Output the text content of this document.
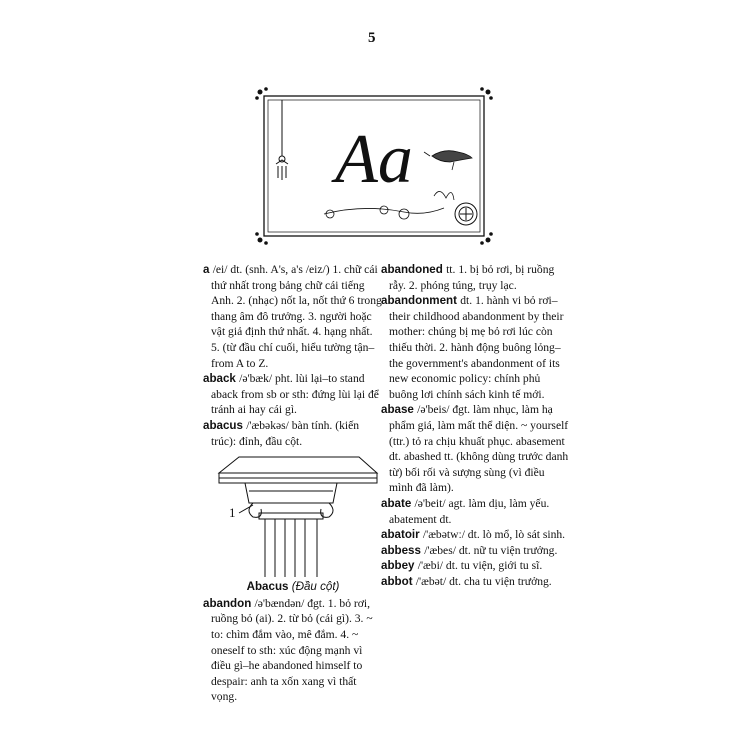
5
Aa

a /ei/ dt. (snh. A's, a's /eiz/) 1. chữ cái thứ nhất trong bảng chữ cái tiếng Anh. 2. (nhạc) nốt la, nốt thứ 6 trong thang âm đô trưởng. 3. người hoặc vật giả định thứ nhất. 4. hạng nhất. 5. (từ đầu chí cuối, hiểu tường tận–from A to Z.

aback /ə'bæk/ pht. lùi lại–to stand aback from sb or sth: đứng lùi lại để tránh ai hay cái gì.

abacus /'æbəkəs/ bàn tính. (kiến trúc): đỉnh, đầu cột.

1

Abacus (Đầu cột)

abandon /ə'bændən/ đgt. 1. bỏ rơi, ruồng bỏ (ai). 2. từ bỏ (cái gì). 3. ~ to: chìm đắm vào, mê đắm. 4. ~ oneself to sth: xúc động mạnh vì điều gì–he abandoned himself to despair: anh ta xốn xang vì thất vọng.

abandoned tt. 1. bị bỏ rơi, bị ruồng rẫy. 2. phóng túng, trụy lạc.

abandonment dt. 1. hành vi bỏ rơi–their childhood abandonment by their mother: chúng bị mẹ bỏ rơi lúc còn thiếu thời. 2. hành động buông lỏng–the government's abandonment of its new economic policy: chính phủ buông lơi chính sách kinh tế mới.

abase /ə'beis/ đgt. làm nhục, làm hạ phẩm giá, làm mất thể diện. ~ yourself (ttr.) tỏ ra chịu khuất phục. abasement dt. abashed tt. (không dùng trước danh từ) bối rối và sượng sùng (vì điều mình đã làm).

abate /ə'beit/ agt. làm dịu, làm yếu. abatement dt.

abatoir /'æbətwː/ dt. lò mổ, lò sát sinh.

abbess /'æbes/ dt. nữ tu viện trưởng.

abbey /'æbi/ dt. tu viện, giới tu sĩ.

abbot /'æbət/ dt. cha tu viện trưởng.
